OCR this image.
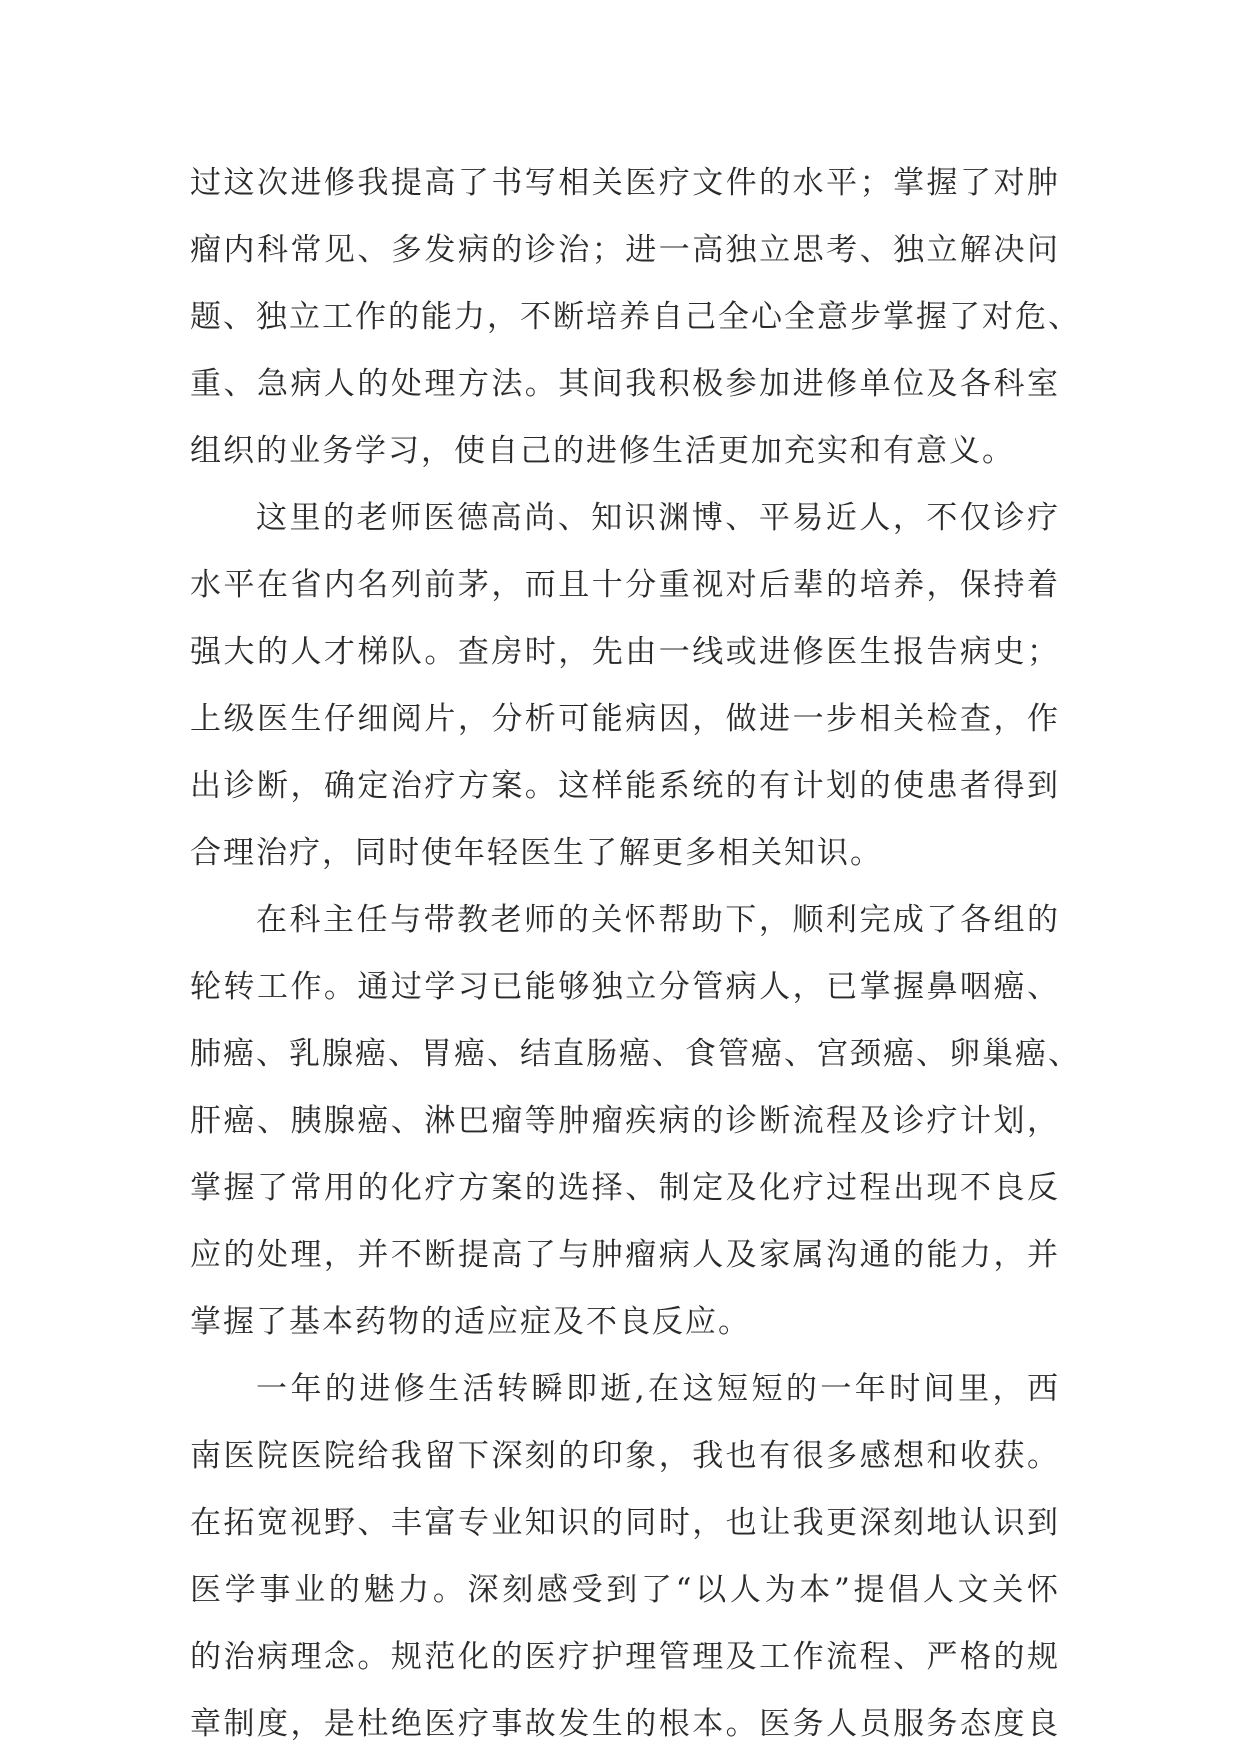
过这次进修我提高了书写相关医疗文件的水平；掌握了对肿
瘤内科常见、多发病的诊治；进一高独立思考、独立解决问
题、独立工作的能力，不断培养自己全心全意步掌握了对危、
重、急病人的处理方法。其间我积极参加进修单位及各科室
组织的业务学习，使自己的进修生活更加充实和有意义。
这里的老师医德高尚、知识渊博、平易近人，不仅诊疗
水平在省内名列前茅，而且十分重视对后辈的培养，保持着
强大的人才梯队。查房时，先由一线或进修医生报告病史；
上级医生仔细阅片，分析可能病因，做进一步相关检查，作
出诊断，确定治疗方案。这样能系统的有计划的使患者得到
合理治疗，同时使年轻医生了解更多相关知识。
在科主任与带教老师的关怀帮助下，顺利完成了各组的
轮转工作。通过学习已能够独立分管病人，已掌握鼻咽癌、
肺癌、乳腺癌、胃癌、结直肠癌、食管癌、宫颈癌、卵巢癌、
肝癌、胰腺癌、淋巴瘤等肿瘤疾病的诊断流程及诊疗计划，
掌握了常用的化疗方案的选择、制定及化疗过程出现不良反
应的处理，并不断提高了与肿瘤病人及家属沟通的能力，并
掌握了基本药物的适应症及不良反应。
一年的进修生活转瞬即逝,在这短短的一年时间里，西
南医院医院给我留下深刻的印象，我也有很多感想和收获。
在拓宽视野、丰富专业知识的同时，也让我更深刻地认识到
医学事业的魅力。深刻感受到了“以人为本”提倡人文关怀
的治病理念。规范化的医疗护理管理及工作流程、严格的规
章制度，是杜绝医疗事故发生的根本。医务人员服务态度良
